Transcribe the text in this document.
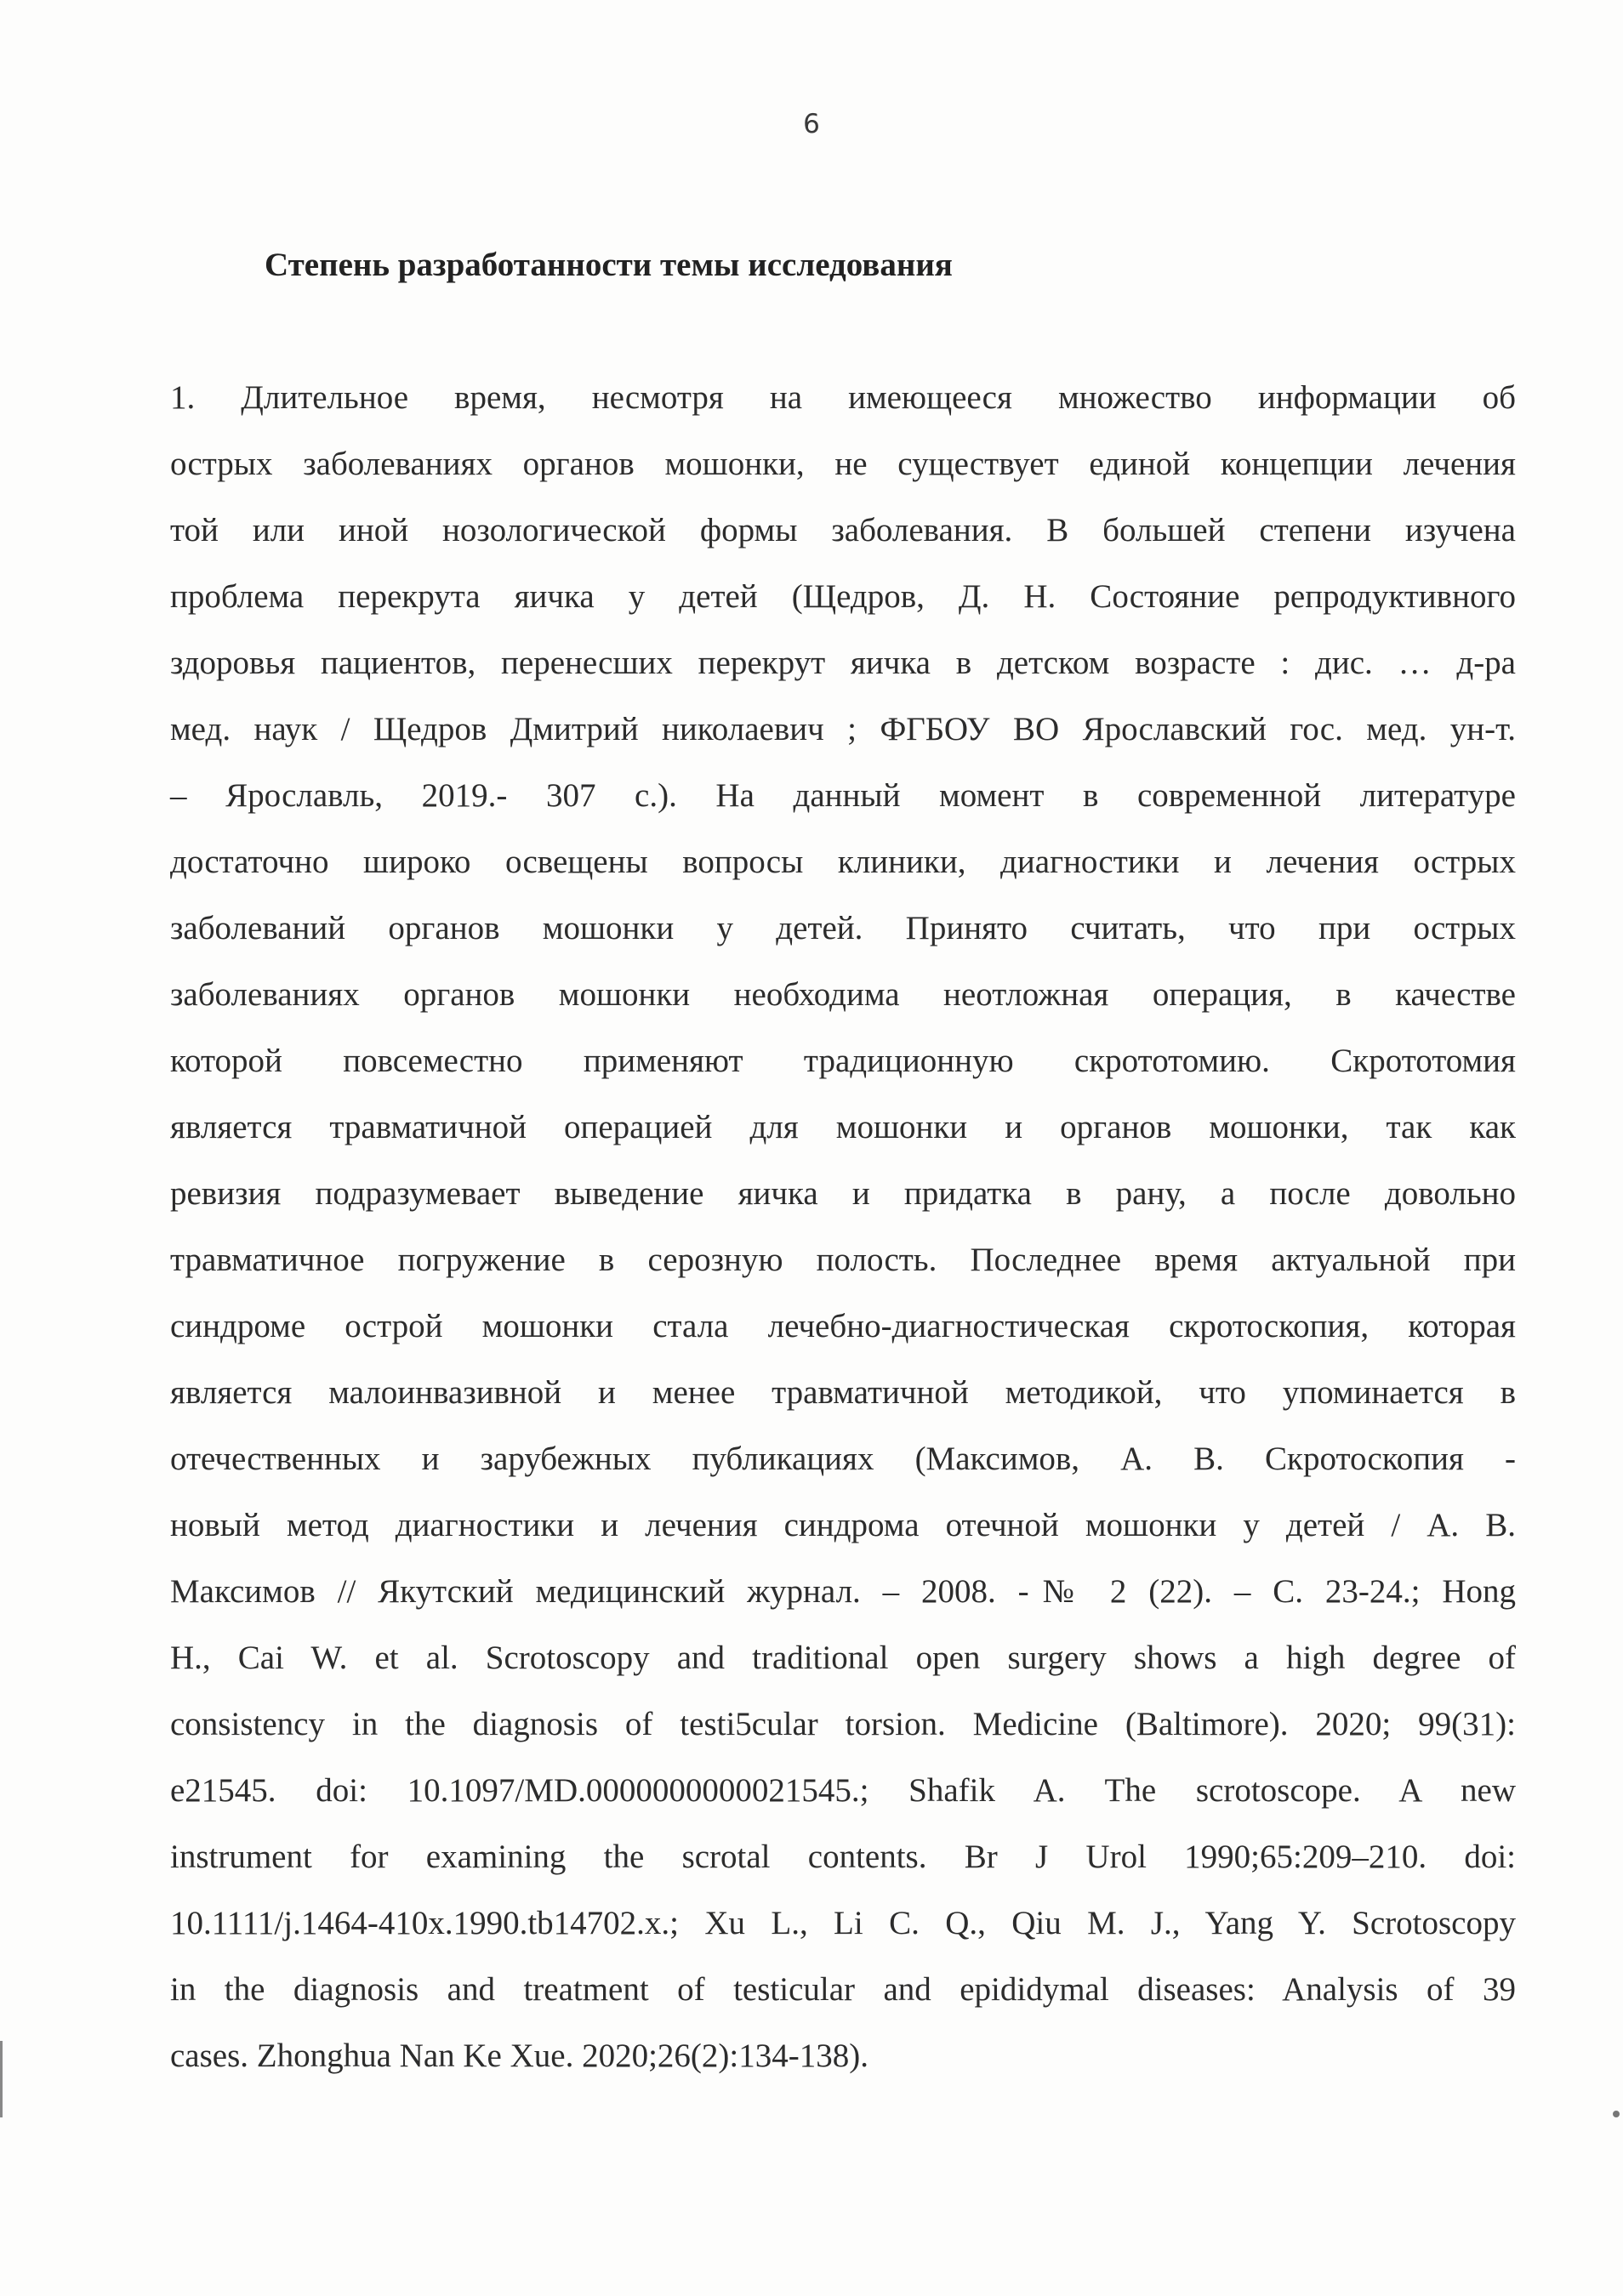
6
Степень разработанности темы исследования
1. Длительное время, несмотря на имеющееся множество информации об
острых заболеваниях органов мошонки, не существует единой концепции лечения
той или иной нозологической формы заболевания. В большей степени изучена
проблема перекрута яичка у детей (Щедров, Д. Н. Состояние репродуктивного
здоровья пациентов, перенесших перекрут яичка в детском возрасте : дис. … д-ра
мед. наук / Щедров Дмитрий николаевич ; ФГБОУ ВО Ярославский гос. мед. ун-т.
– Ярославль, 2019.- 307 с.). На данный момент в современной литературе
достаточно широко освещены вопросы клиники, диагностики и лечения острых
заболеваний органов мошонки у детей. Принято считать, что при острых
заболеваниях органов мошонки необходима неотложная операция, в качестве
которой повсеместно применяют традиционную скрототомию. Скрототомия
является травматичной операцией для мошонки и органов мошонки, так как
ревизия подразумевает выведение яичка и придатка в рану, а после довольно
травматичное погружение в серозную полость. Последнее время актуальной при
синдроме острой мошонки стала лечебно-диагностическая скротоскопия, которая
является малоинвазивной и менее травматичной методикой, что упоминается в
отечественных и зарубежных публикациях (Максимов, А. В. Скротоскопия -
новый метод диагностики и лечения синдрома отечной мошонки у детей / А. В.
Максимов // Якутский медицинский журнал. – 2008. -№ 2 (22). – С. 23-24.; Hong
H., Cai W. et al. Scrotoscopy and traditional open surgery shows a high degree of
consistency in the diagnosis of testi5cular torsion. Medicine (Baltimore). 2020; 99(31):
e21545. doi: 10.1097/MD.0000000000021545.; Shafik A. The scrotoscope. A new
instrument for examining the scrotal contents. Br J Urol 1990;65:209–210. doi:
10.1111/j.1464-410x.1990.tb14702.x.; Xu L., Li C. Q., Qiu M. J., Yang Y. Scrotoscopy
in the diagnosis and treatment of testicular and epididymal diseases: Analysis of 39
cases. Zhonghua Nan Ke Xue. 2020;26(2):134-138).
